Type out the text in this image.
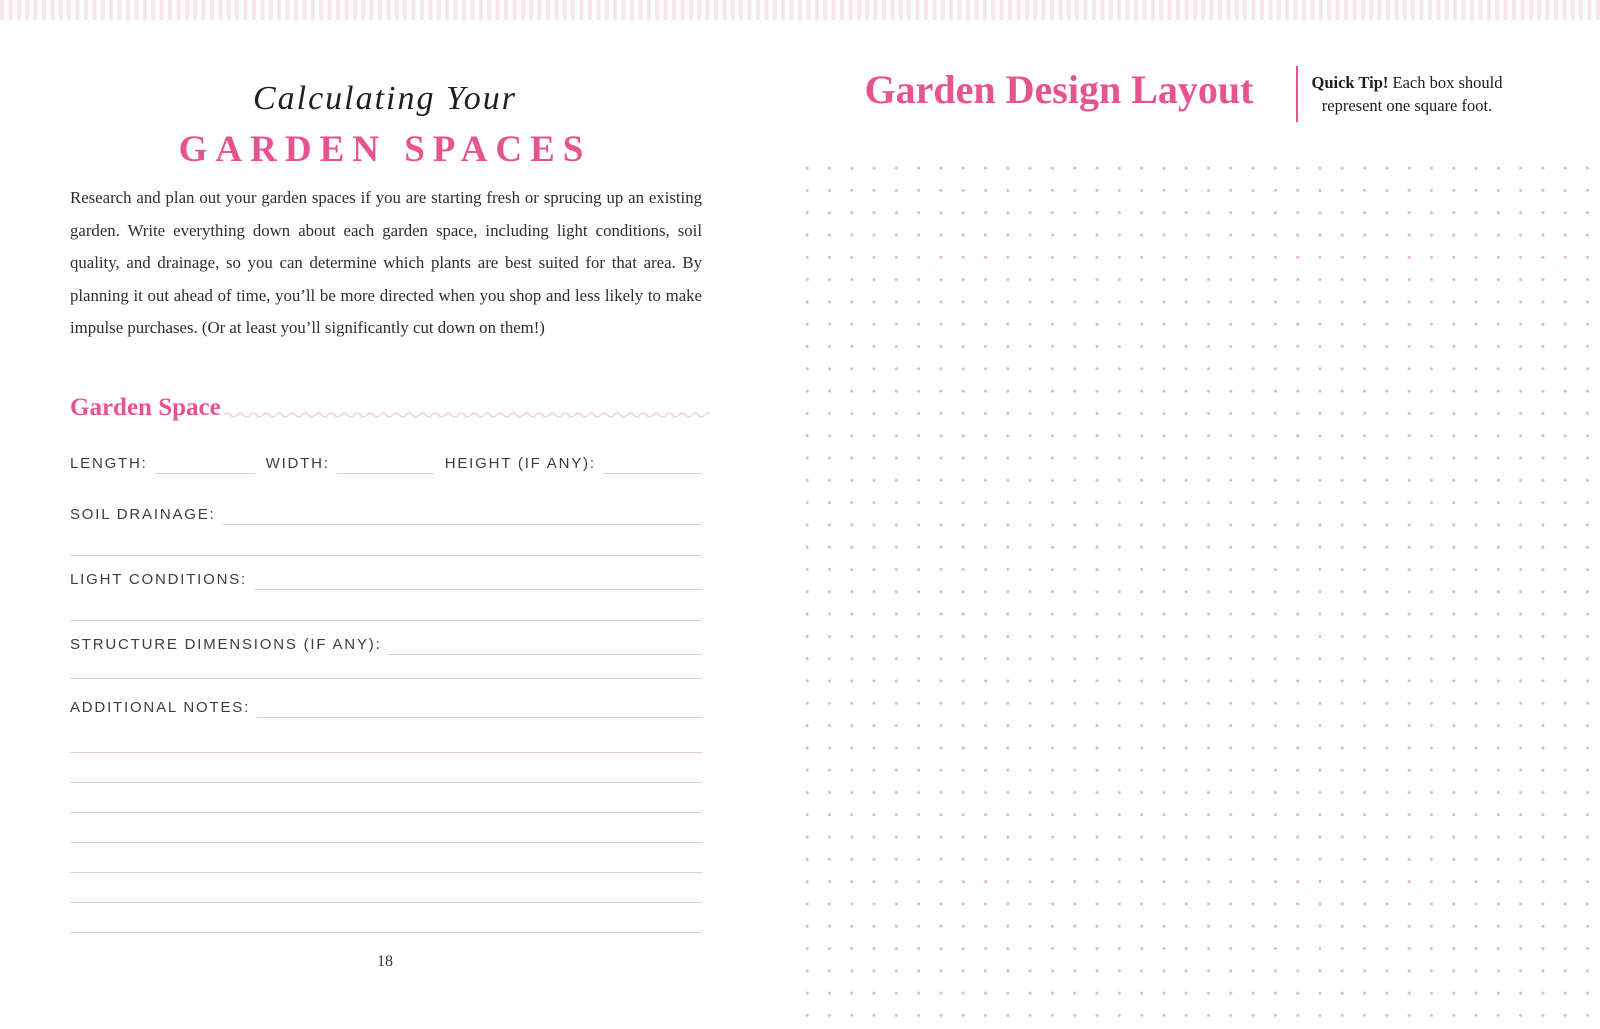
Calculating Your
GARDEN SPACES

Research and plan out your garden spaces if you are starting fresh or sprucing up an existing garden. Write everything down about each garden space, including light conditions, soil quality, and drainage, so you can determine which plants are best suited for that area. By planning it out ahead of time, you’ll be more directed when you shop and less likely to make impulse purchases. (Or at least you’ll significantly cut down on them!)

Garden Space
LENGTH:	WIDTH:	HEIGHT (IF ANY):
SOIL DRAINAGE:
LIGHT CONDITIONS:
STRUCTURE DIMENSIONS (IF ANY):
ADDITIONAL NOTES:
18
Garden Design Layout	Quick Tip! Each box should represent one square foot.
